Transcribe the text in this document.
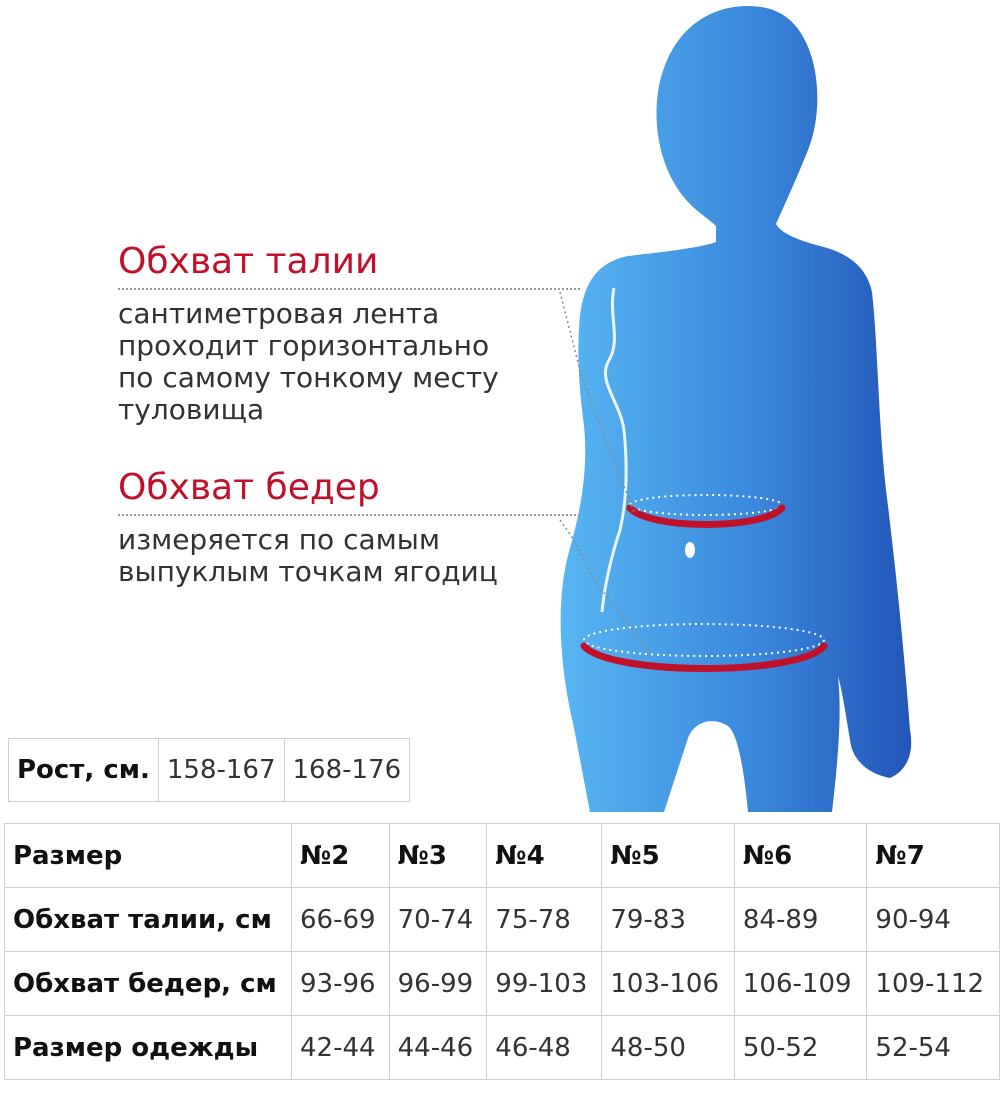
Обхват талии
сантиметровая лента
проходит горизонтально
по самому тонкому месту
туловища
Обхват бедер
измеряется по самым
выпуклым точкам ягодиц
Рост, см.	158-167	168-176
Размер	№2	№3	№4	№5	№6	№7
Обхват талии, см	66-69	70-74	75-78	79-83	84-89	90-94
Обхват бедер, см	93-96	96-99	99-103	103-106	106-109	109-112
Размер одежды	42-44	44-46	46-48	48-50	50-52	52-54
